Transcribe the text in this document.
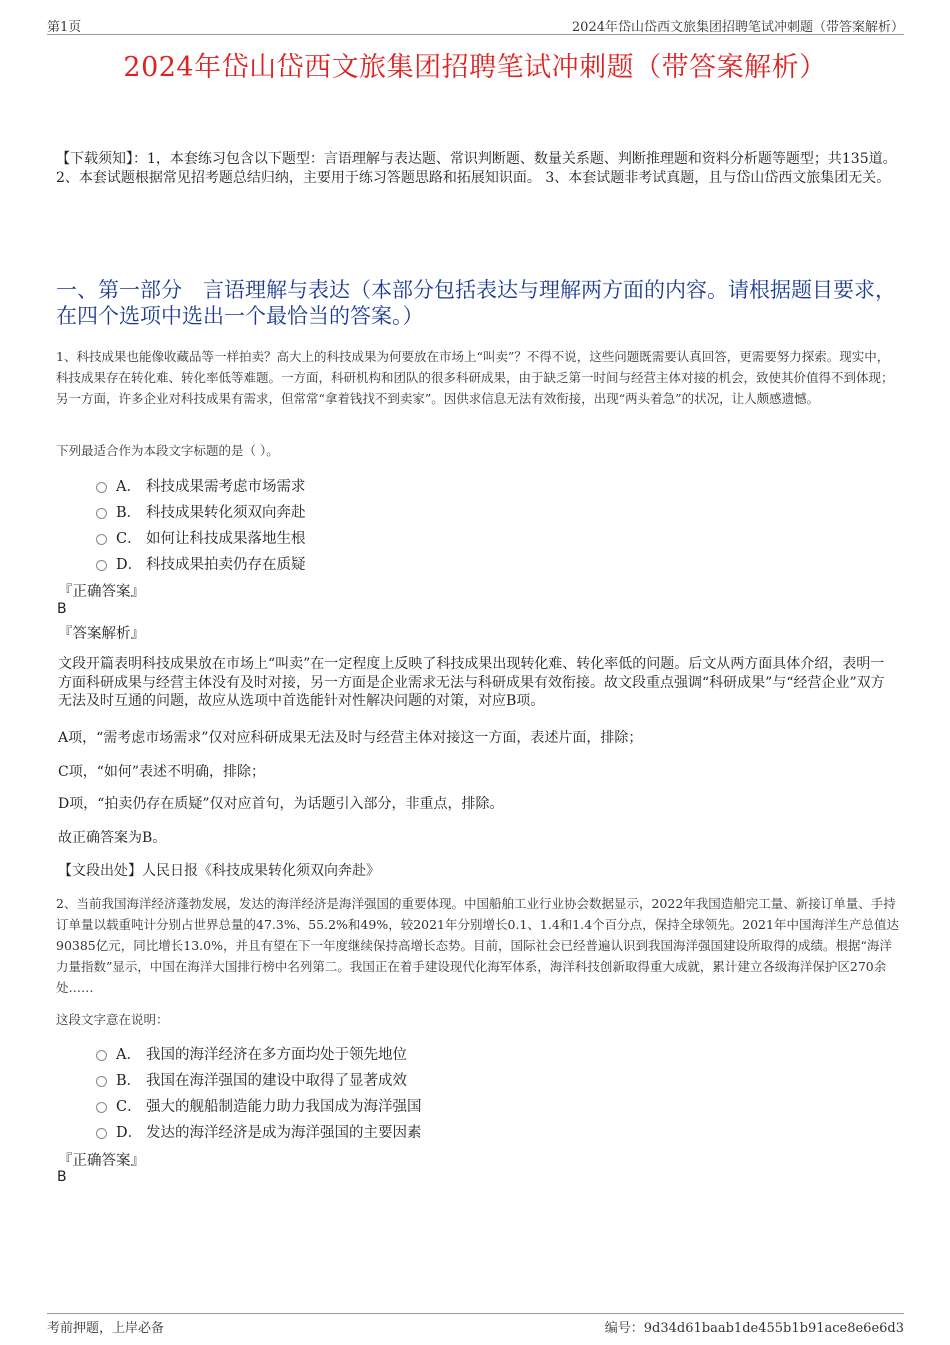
第1页	2024年岱山岱西文旅集团招聘笔试冲刺题（带答案解析）
2024年岱山岱西文旅集团招聘笔试冲刺题（带答案解析）
【下载须知】：1，本套练习包含以下题型：言语理解与表达题、常识判断题、数量关系题、判断推理题和资料分析题等题型；共135道。 2、本套试题根据常见招考题总结归纳，主要用于练习答题思路和拓展知识面。 3、本套试题非考试真题，且与岱山岱西文旅集团无关。
一、第一部分　言语理解与表达（本部分包括表达与理解两方面的内容。请根据题目要求，在四个选项中选出一个最恰当的答案。）
1、科技成果也能像收藏品等一样拍卖？高大上的科技成果为何要放在市场上“叫卖”？不得不说，这些问题既需要认真回答，更需要努力探索。现实中，科技成果存在转化难、转化率低等难题。一方面，科研机构和团队的很多科研成果，由于缺乏第一时间与经营主体对接的机会，致使其价值得不到体现；另一方面，许多企业对科技成果有需求，但常常“拿着钱找不到卖家”。因供求信息无法有效衔接，出现“两头着急”的状况，让人颇感遗憾。
下列最适合作为本段文字标题的是（ ）。
A． 科技成果需考虑市场需求
B． 科技成果转化须双向奔赴
C． 如何让科技成果落地生根
D． 科技成果拍卖仍存在质疑
『正确答案』
B
『答案解析』
文段开篇表明科技成果放在市场上“叫卖”在一定程度上反映了科技成果出现转化难、转化率低的问题。后文从两方面具体介绍，表明一方面科研成果与经营主体没有及时对接，另一方面是企业需求无法与科研成果有效衔接。故文段重点强调“科研成果”与“经营企业”双方无法及时互通的问题，故应从选项中首选能针对性解决问题的对策，对应B项。
A项，“需考虑市场需求”仅对应科研成果无法及时与经营主体对接这一方面，表述片面，排除；
C项，“如何”表述不明确，排除；
D项，“拍卖仍存在质疑”仅对应首句，为话题引入部分，非重点，排除。
故正确答案为B。
【文段出处】人民日报《科技成果转化须双向奔赴》
2、当前我国海洋经济蓬勃发展，发达的海洋经济是海洋强国的重要体现。中国船舶工业行业协会数据显示，2022年我国造船完工量、新接订单量、手持订单量以载重吨计分别占世界总量的47.3%、55.2%和49%，较2021年分别增长0.1、1.4和1.4个百分点，保持全球领先。2021年中国海洋生产总值达90385亿元，同比增长13.0%，并且有望在下一年度继续保持高增长态势。目前，国际社会已经普遍认识到我国海洋强国建设所取得的成绩。根据“海洋力量指数”显示，中国在海洋大国排行榜中名列第二。我国正在着手建设现代化海军体系，海洋科技创新取得重大成就，累计建立各级海洋保护区270余处……
这段文字意在说明：
A． 我国的海洋经济在多方面均处于领先地位
B． 我国在海洋强国的建设中取得了显著成效
C． 强大的舰船制造能力助力我国成为海洋强国
D． 发达的海洋经济是成为海洋强国的主要因素
『正确答案』
B
考前押题，上岸必备	编号：9d34d61baab1de455b1b91ace8e6e6d3
